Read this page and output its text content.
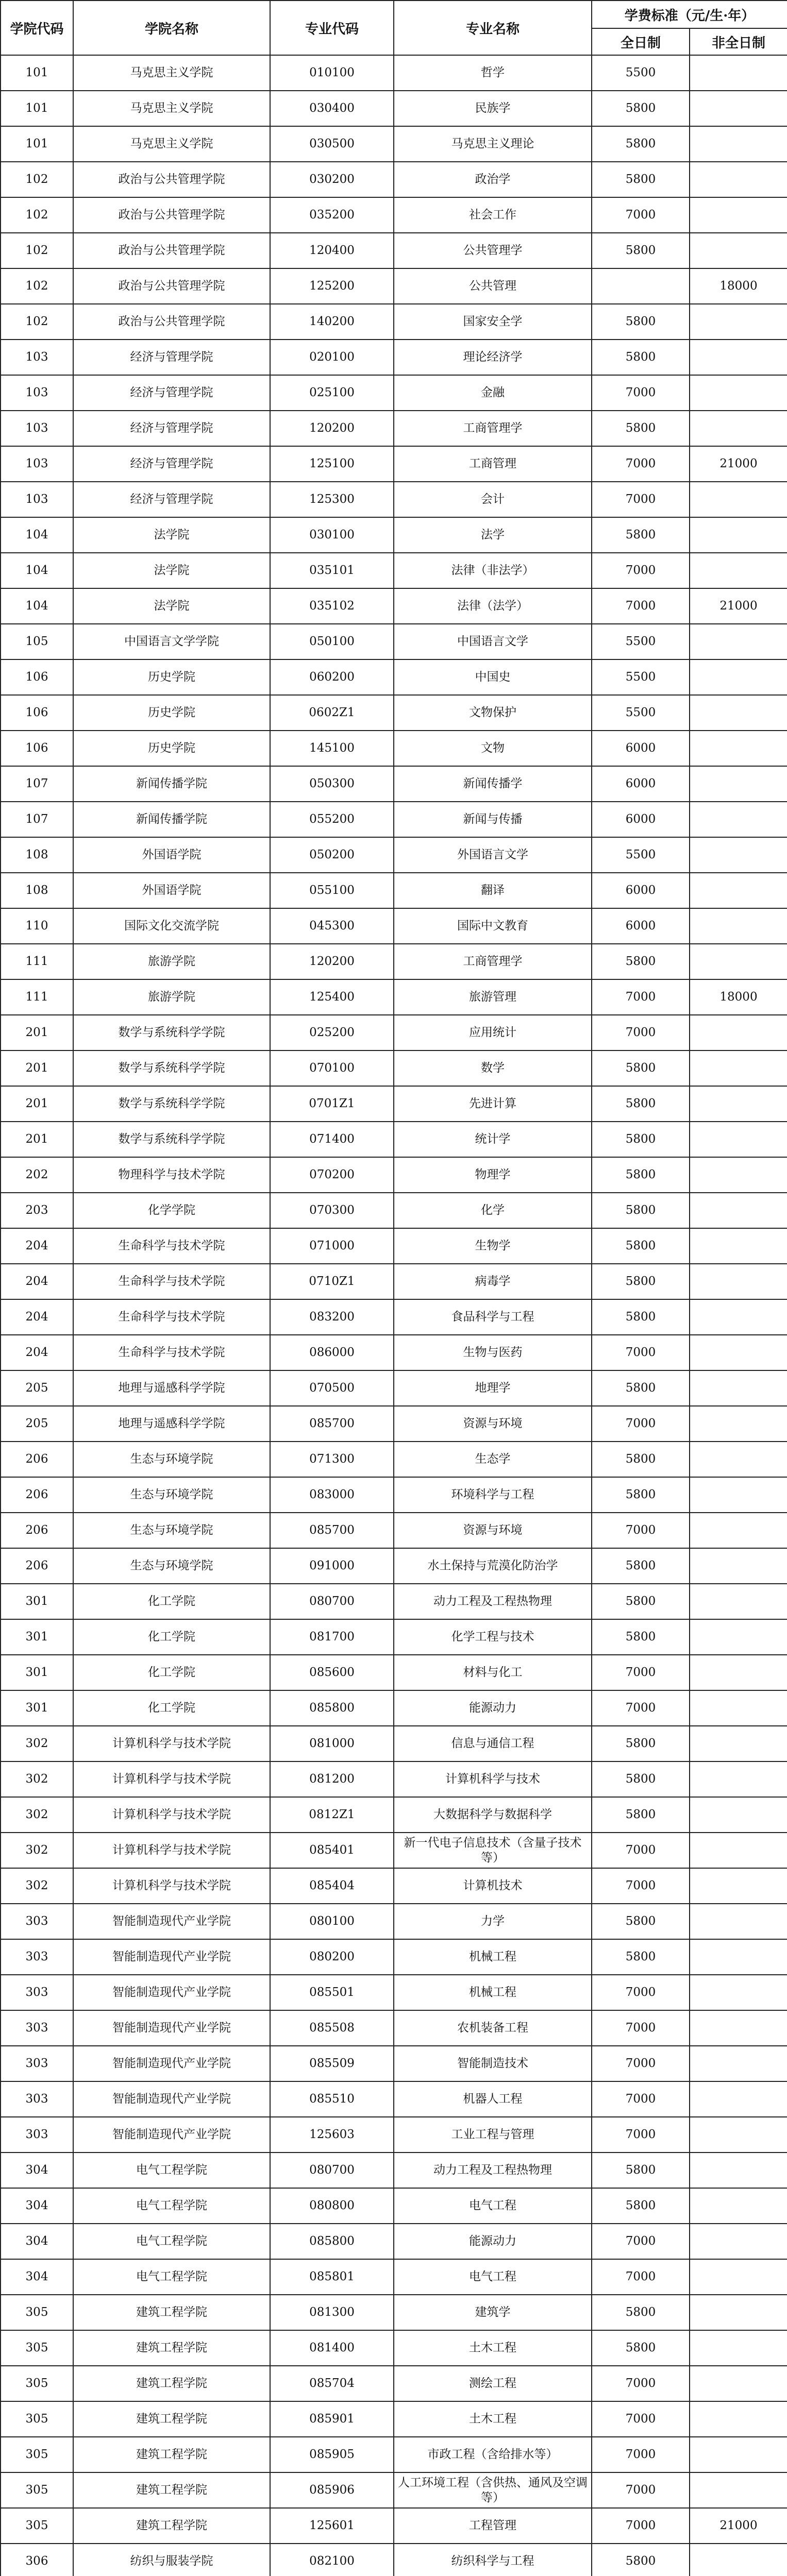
学院代码	学院名称	专业代码	专业名称	学费标准（元/生·年）	
				全日制	非全日制
101	马克思主义学院	010100	哲学	5500	
101	马克思主义学院	030400	民族学	5800	
101	马克思主义学院	030500	马克思主义理论	5800	
102	政治与公共管理学院	030200	政治学	5800	
102	政治与公共管理学院	035200	社会工作	7000	
102	政治与公共管理学院	120400	公共管理学	5800	
102	政治与公共管理学院	125200	公共管理		18000
102	政治与公共管理学院	140200	国家安全学	5800	
103	经济与管理学院	020100	理论经济学	5800	
103	经济与管理学院	025100	金融	7000	
103	经济与管理学院	120200	工商管理学	5800	
103	经济与管理学院	125100	工商管理	7000	21000
103	经济与管理学院	125300	会计	7000	
104	法学院	030100	法学	5800	
104	法学院	035101	法律（非法学）	7000	
104	法学院	035102	法律（法学）	7000	21000
105	中国语言文学学院	050100	中国语言文学	5500	
106	历史学院	060200	中国史	5500	
106	历史学院	0602Z1	文物保护	5500	
106	历史学院	145100	文物	6000	
107	新闻传播学院	050300	新闻传播学	6000	
107	新闻传播学院	055200	新闻与传播	6000	
108	外国语学院	050200	外国语言文学	5500	
108	外国语学院	055100	翻译	6000	
110	国际文化交流学院	045300	国际中文教育	6000	
111	旅游学院	120200	工商管理学	5800	
111	旅游学院	125400	旅游管理	7000	18000
201	数学与系统科学学院	025200	应用统计	7000	
201	数学与系统科学学院	070100	数学	5800	
201	数学与系统科学学院	0701Z1	先进计算	5800	
201	数学与系统科学学院	071400	统计学	5800	
202	物理科学与技术学院	070200	物理学	5800	
203	化学学院	070300	化学	5800	
204	生命科学与技术学院	071000	生物学	5800	
204	生命科学与技术学院	0710Z1	病毒学	5800	
204	生命科学与技术学院	083200	食品科学与工程	5800	
204	生命科学与技术学院	086000	生物与医药	7000	
205	地理与遥感科学学院	070500	地理学	5800	
205	地理与遥感科学学院	085700	资源与环境	7000	
206	生态与环境学院	071300	生态学	5800	
206	生态与环境学院	083000	环境科学与工程	5800	
206	生态与环境学院	085700	资源与环境	7000	
206	生态与环境学院	091000	水土保持与荒漠化防治学	5800	
301	化工学院	080700	动力工程及工程热物理	5800	
301	化工学院	081700	化学工程与技术	5800	
301	化工学院	085600	材料与化工	7000	
301	化工学院	085800	能源动力	7000	
302	计算机科学与技术学院	081000	信息与通信工程	5800	
302	计算机科学与技术学院	081200	计算机科学与技术	5800	
302	计算机科学与技术学院	0812Z1	大数据科学与数据科学	5800	
302	计算机科学与技术学院	085401	新一代电子信息技术（含量子技术等）	7000	
302	计算机科学与技术学院	085404	计算机技术	7000	
303	智能制造现代产业学院	080100	力学	5800	
303	智能制造现代产业学院	080200	机械工程	5800	
303	智能制造现代产业学院	085501	机械工程	7000	
303	智能制造现代产业学院	085508	农机装备工程	7000	
303	智能制造现代产业学院	085509	智能制造技术	7000	
303	智能制造现代产业学院	085510	机器人工程	7000	
303	智能制造现代产业学院	125603	工业工程与管理	7000	
304	电气工程学院	080700	动力工程及工程热物理	5800	
304	电气工程学院	080800	电气工程	5800	
304	电气工程学院	085800	能源动力	7000	
304	电气工程学院	085801	电气工程	7000	
305	建筑工程学院	081300	建筑学	5800	
305	建筑工程学院	081400	土木工程	5800	
305	建筑工程学院	085704	测绘工程	7000	
305	建筑工程学院	085901	土木工程	7000	
305	建筑工程学院	085905	市政工程（含给排水等）	7000	
305	建筑工程学院	085906	人工环境工程（含供热、通风及空调等）	7000	
305	建筑工程学院	125601	工程管理	7000	21000
306	纺织与服装学院	082100	纺织科学与工程	5800	
